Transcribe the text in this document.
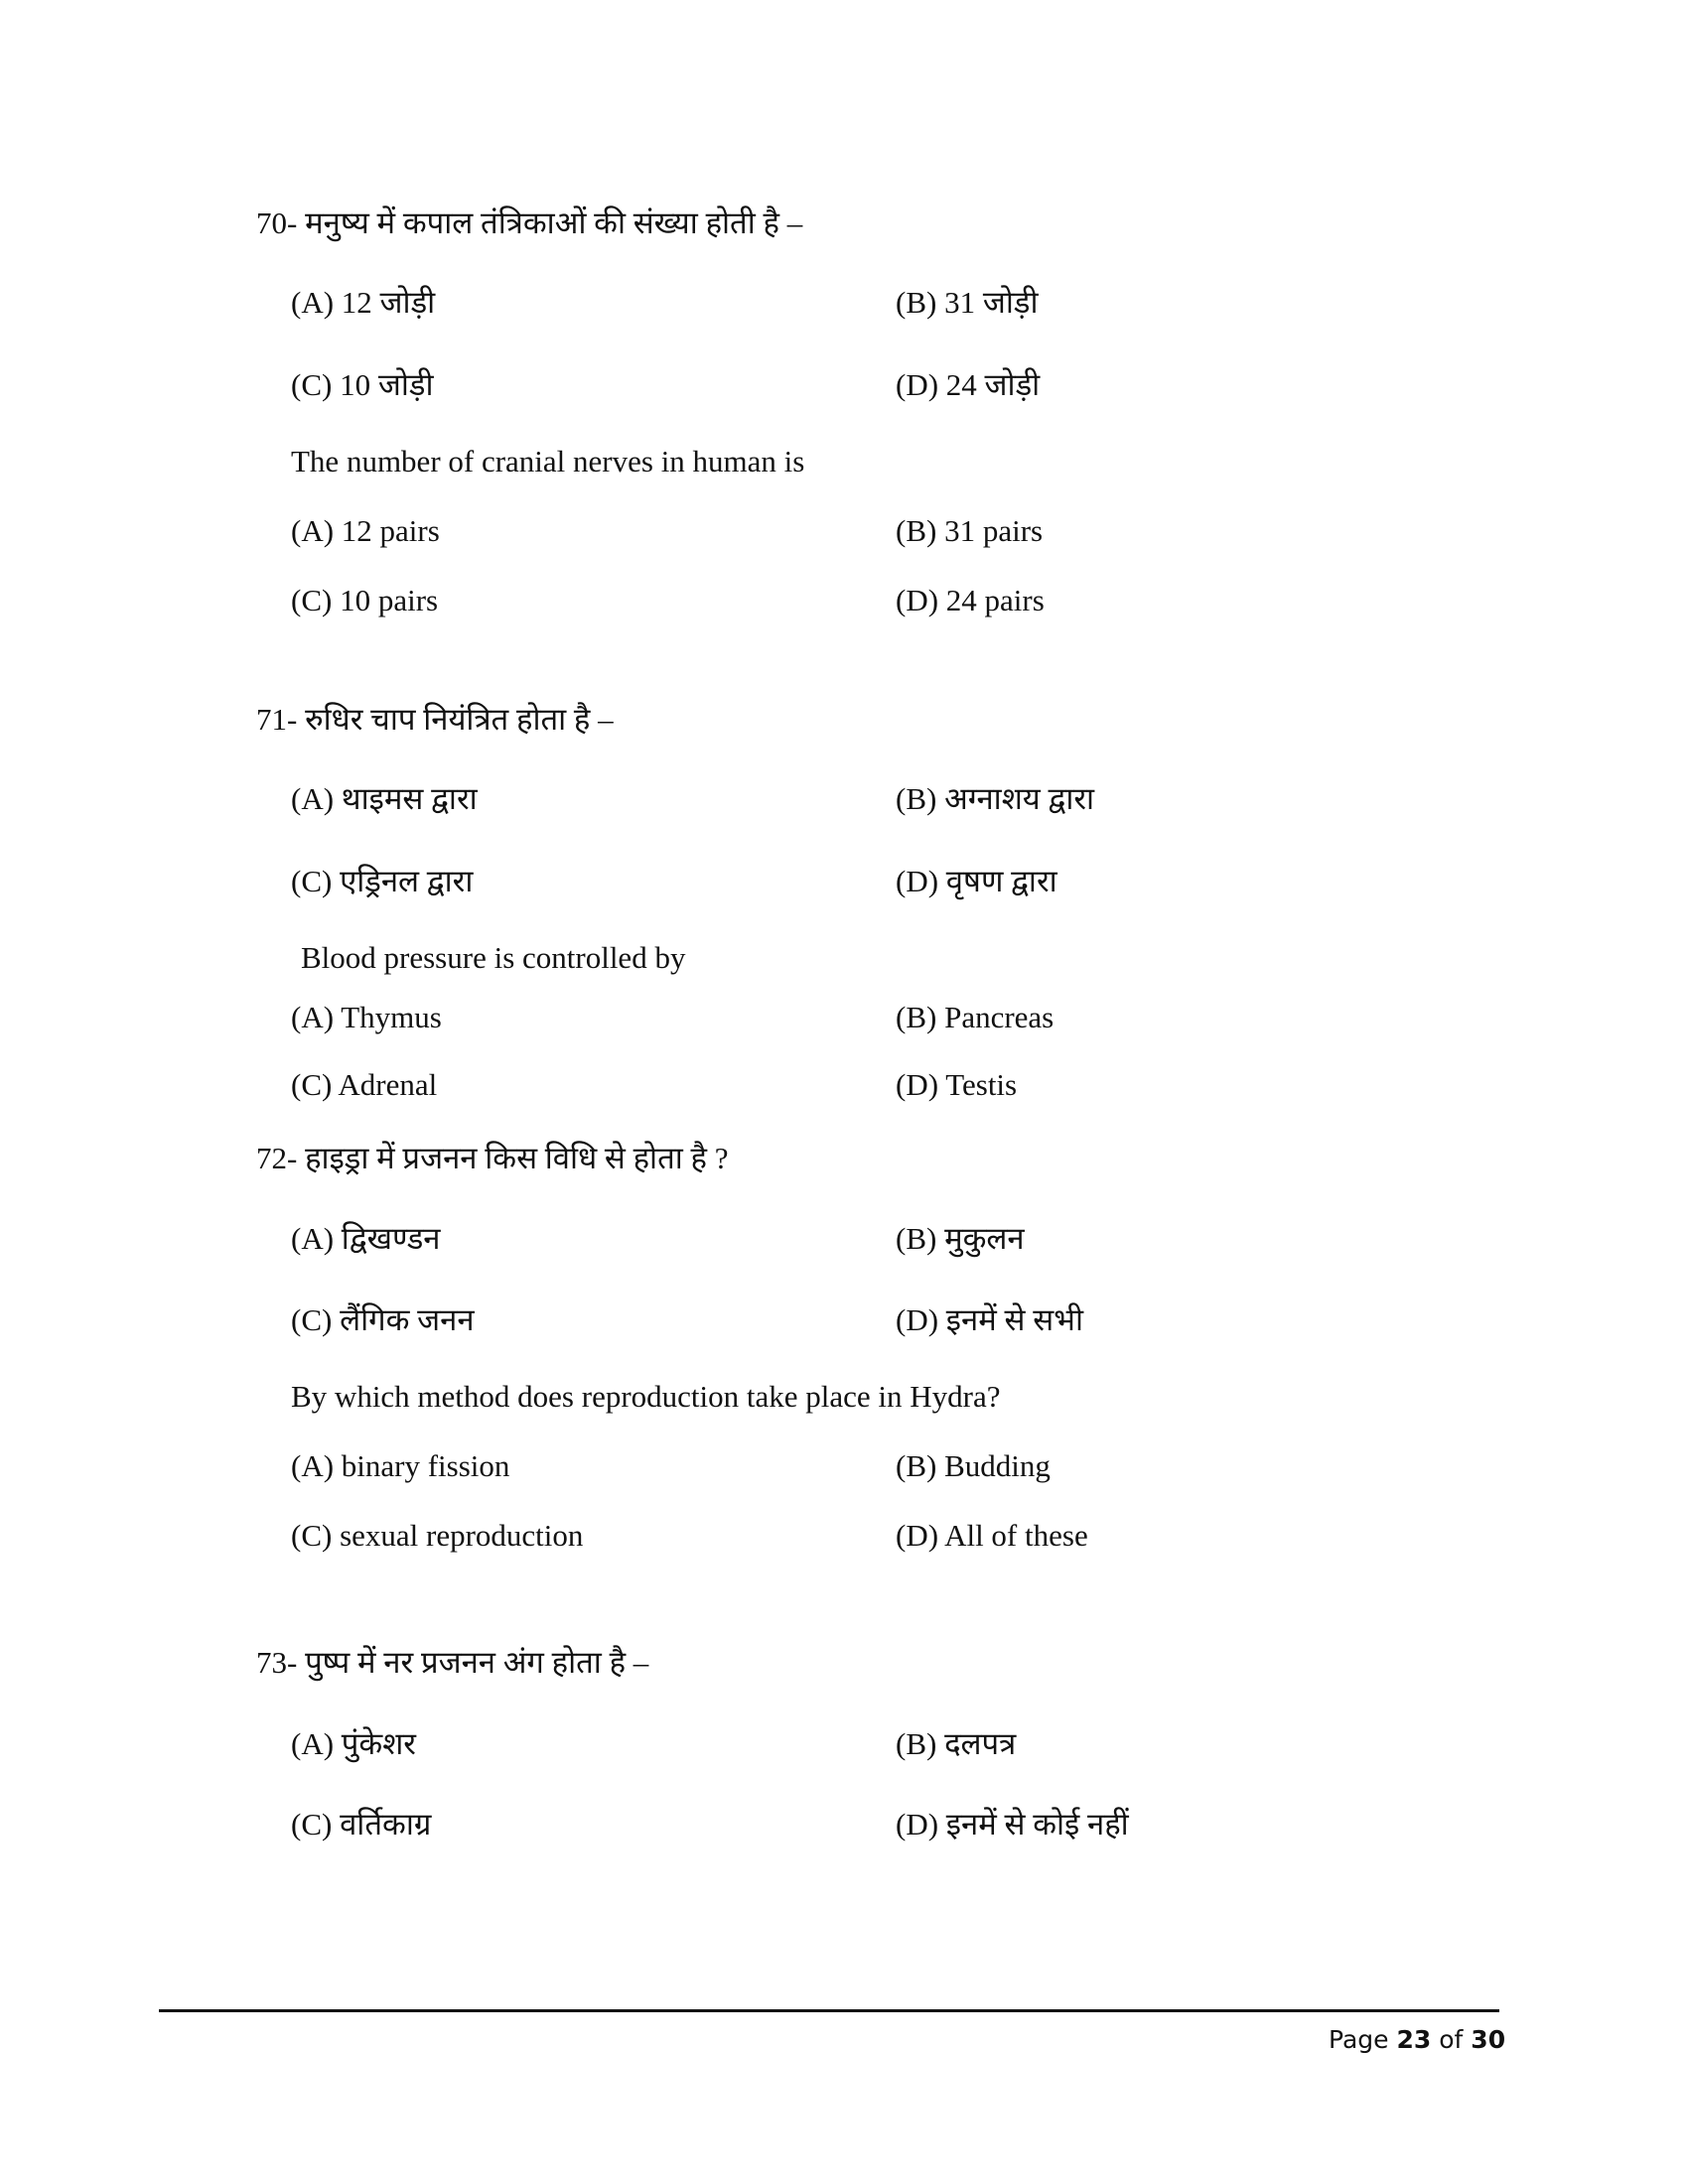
70- मनुष्य में कपाल तंत्रिकाओं की संख्या होती है –
(A) 12 जोड़ी	(B) 31 जोड़ी
(C) 10 जोड़ी	(D) 24 जोड़ी
The number of cranial nerves in human is
(A) 12 pairs	(B) 31 pairs
(C) 10 pairs	(D) 24 pairs
71- रुधिर चाप नियंत्रित होता है –
(A) थाइमस द्वारा	(B) अग्नाशय द्वारा
(C) एड्रिनल द्वारा	(D) वृषण द्वारा
Blood pressure is controlled by
(A) Thymus	(B) Pancreas
(C) Adrenal	(D) Testis
72- हाइड्रा में प्रजनन किस विधि से होता है ?
(A) द्विखण्डन	(B) मुकुलन
(C) लैंगिक जनन	(D) इनमें से सभी
By which method does reproduction take place in Hydra?
(A) binary fission	(B) Budding
(C) sexual reproduction	(D) All of these
73- पुष्प में नर प्रजनन अंग होता है –
(A) पुंकेशर	(B) दलपत्र
(C) वर्तिकाग्र	(D) इनमें से कोई नहीं
Page 23 of 30
